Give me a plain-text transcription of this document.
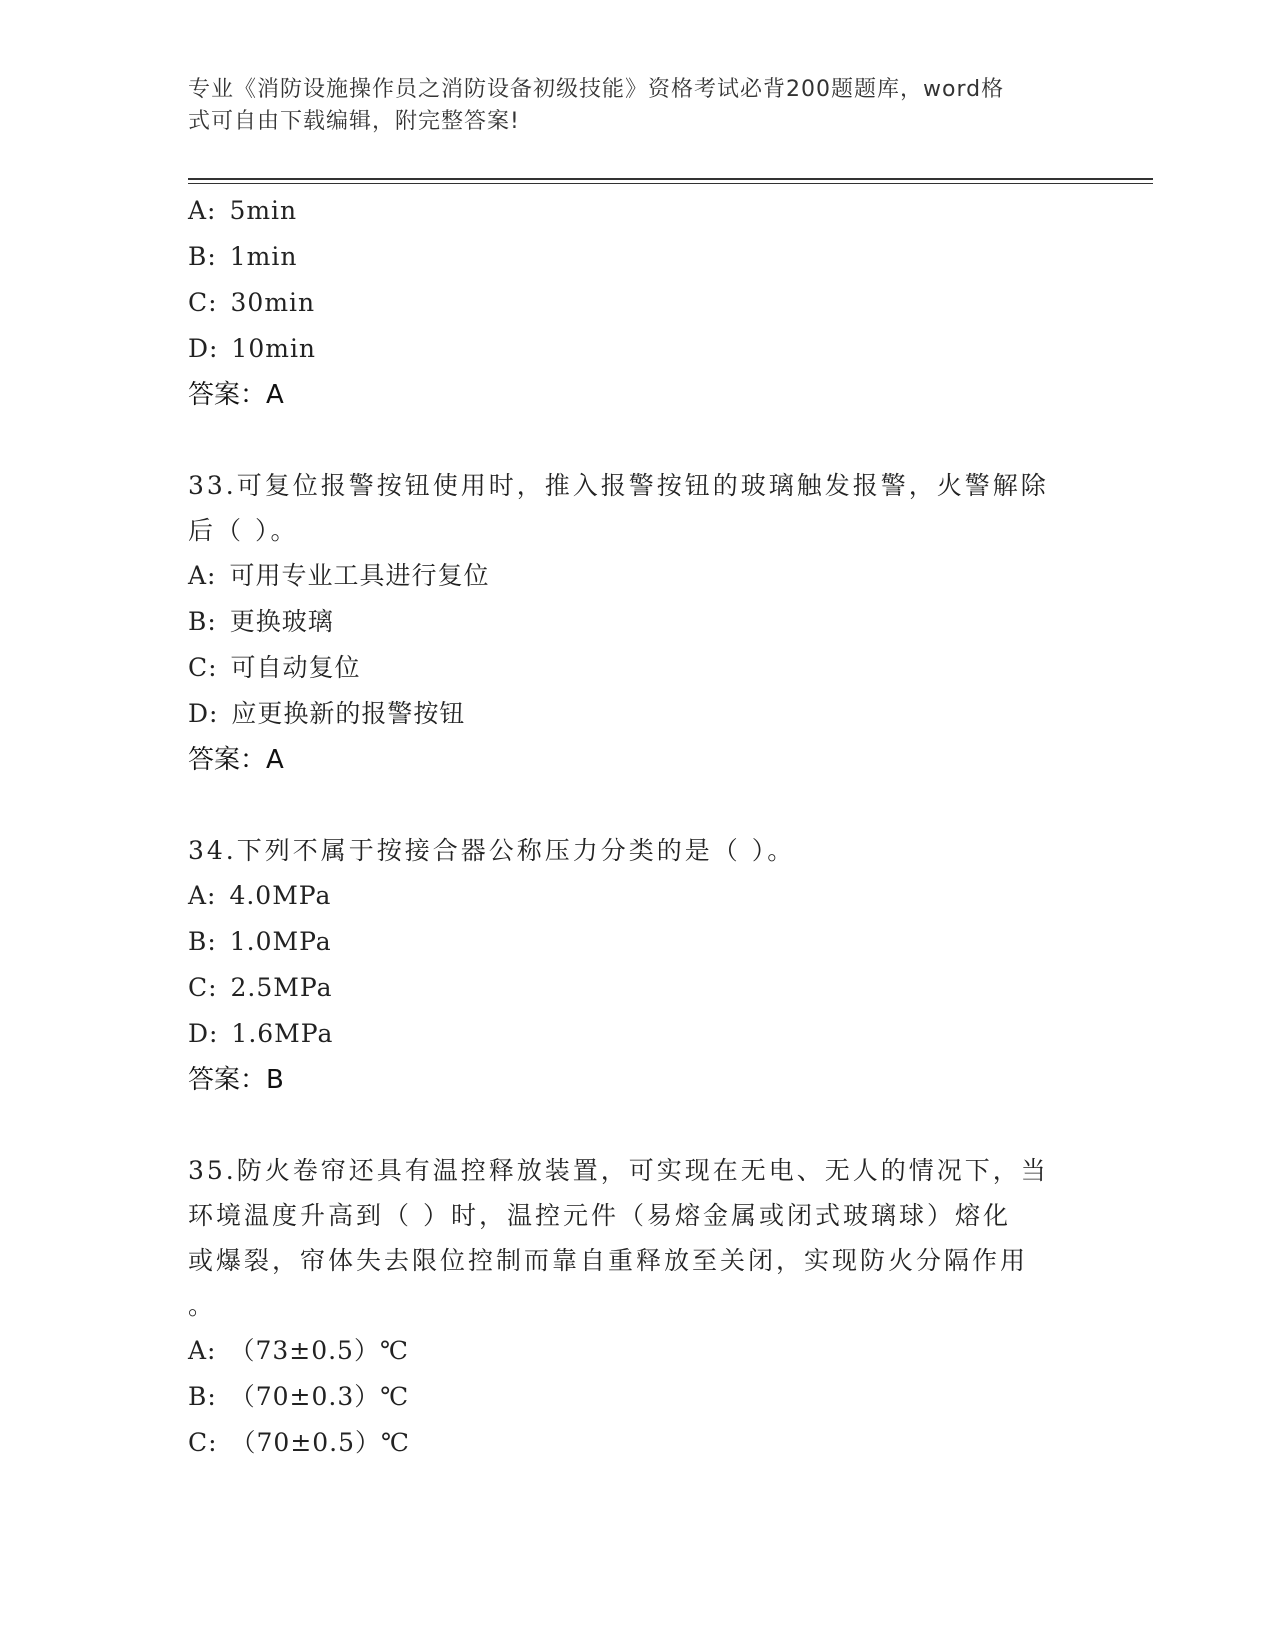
专业《消防设施操作员之消防设备初级技能》资格考试必背200题题库，word格
式可自由下载编辑，附完整答案!
A: 5min
B: 1min
C: 30min
D: 10min
答案：A
33.可复位报警按钮使用时，推入报警按钮的玻璃触发报警，火警解除
后（ ）。
A: 可用专业工具进行复位
B: 更换玻璃
C: 可自动复位
D: 应更换新的报警按钮
答案：A
34.下列不属于按接合器公称压力分类的是（ ）。
A: 4.0MPa
B: 1.0MPa
C: 2.5MPa
D: 1.6MPa
答案：B
35.防火卷帘还具有温控释放装置，可实现在无电、无人的情况下，当
环境温度升高到（ ）时，温控元件（易熔金属或闭式玻璃球）熔化
或爆裂，帘体失去限位控制而靠自重释放至关闭，实现防火分隔作用
。
A: （73±0.5）℃
B: （70±0.3）℃
C: （70±0.5）℃
